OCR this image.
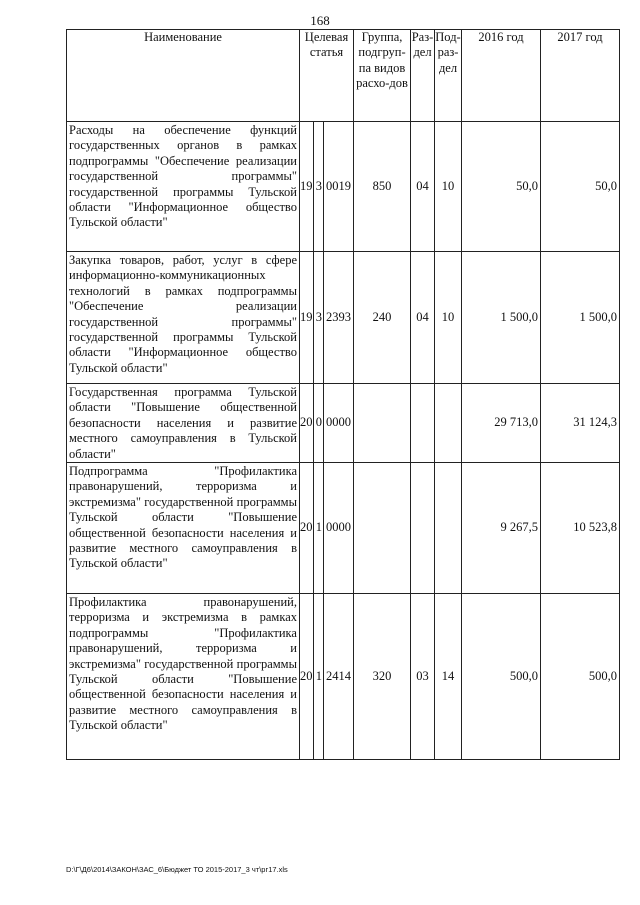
168
Наименование	Целевая статья			Группа, подгруп-па видов расхо-дов	Раз-дел	Под-раз-дел	2016 год	2017 год
Расходы на обеспечение функций государственных органов в рамках подпрограммы "Обеспечение реализации государственной программы" государственной программы Тульской области "Информационное общество Тульской области"	19	3	0019	850	04	10	50,0	50,0
Закупка товаров, работ, услуг в сфере информационно-коммуникационных технологий в рамках подпрограммы "Обеспечение реализации государственной программы" государственной программы Тульской области "Информационное общество Тульской области"	19	3	2393	240	04	10	1 500,0	1 500,0
Государственная программа Тульской области "Повышение общественной безопасности населения и развитие местного самоуправления в Тульской области"	20	0	0000				29 713,0	31 124,3
Подпрограмма "Профилактика правонарушений, терроризма и экстремизма" государственной программы Тульской области "Повышение общественной безопасности населения и развитие местного самоуправления в Тульской области"	20	1	0000				9 267,5	10 523,8
Профилактика правонарушений, терроризма и экстремизма в рамках подпрограммы "Профилактика правонарушений, терроризма и экстремизма" государственной программы Тульской области "Повышение общественной безопасности населения и развитие местного самоуправления в Тульской области"	20	1	2414	320	03	14	500,0	500,0
D:\Г\Д6\2014\ЗАКОН\ЗАС_6\Бюджет ТО 2015-2017_3 чт\рг17.xls
